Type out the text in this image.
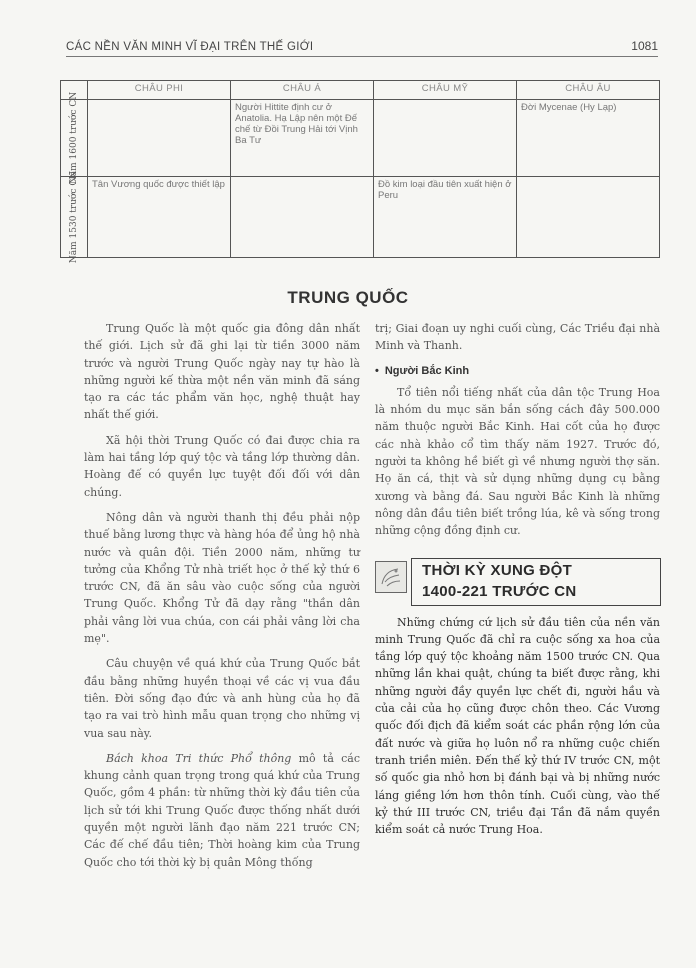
CÁC NỀN VĂN MINH VĨ ĐẠI TRÊN THẾ GIỚI	1081
	CHÂU PHI	CHÂU Á	CHÂU MỸ	CHÂU ÂU

Năm 1600 trước CN		Người Hittite định cư ở Anatolia. Hạ Lập nên một Đế chế từ Đồi Trung Hải tới Vịnh Ba Tư		Đời Mycenae (Hy Lạp)

Năm 1530 trước CN	Tân Vương quốc được thiết lập		Đồ kim loại đầu tiên xuất hiện ở Peru	
TRUNG QUỐC

Trung Quốc là một quốc gia đông dân nhất thế giới. Lịch sử đã ghi lại từ tiền 3000 năm trước và người Trung Quốc ngày nay tự hào là những người kế thừa một nền văn minh đã sáng tạo ra các tác phẩm văn học, nghệ thuật hay nhất thế giới.

Xã hội thời Trung Quốc có đai được chia ra làm hai tầng lớp quý tộc và tầng lớp thường dân. Hoàng đế có quyền lực tuyệt đối đối với dân chúng.

Nông dân và người thanh thị đều phải nộp thuế bằng lương thực và hàng hóa để ủng hộ nhà nước và quân đội. Tiền 2000 năm, những tư tưởng của Khổng Tử nhà triết học ở thế kỷ thứ 6 trước CN, đã ăn sâu vào cuộc sống của người Trung Quốc. Khổng Tử đã dạy rằng "thần dân phải vâng lời vua chúa, con cái phải vâng lời cha mẹ".

Câu chuyện về quá khứ của Trung Quốc bắt đầu bằng những huyền thoại về các vị vua đầu tiên. Đời sống đạo đức và anh hùng của họ đã tạo ra vai trò hình mẫu quan trọng cho những vị vua sau này.

Bách khoa Tri thức Phổ thông mô tả các khung cảnh quan trọng trong quá khứ của Trung Quốc, gồm 4 phần: từ những thời kỳ đầu tiên của lịch sử tới khi Trung Quốc được thống nhất dưới quyền một người lãnh đạo năm 221 trước CN; Các đế chế đầu tiên; Thời hoàng kim của Trung Quốc cho tới thời kỳ bị quân Mông thống

trị; Giai đoạn uy nghi cuối cùng, Các Triều đại nhà Minh và Thanh.

• Người Bắc Kinh

Tổ tiên nổi tiếng nhất của dân tộc Trung Hoa là nhóm du mục săn bắn sống cách đây 500.000 năm thuộc người Bắc Kinh. Hai cốt của họ được các nhà khảo cổ tìm thấy năm 1927. Trước đó, người ta không hề biết gì về nhưng người thợ săn. Họ ăn cá, thịt và sử dụng những dụng cụ bằng xương và bằng đá. Sau người Bắc Kinh là những nông dân đầu tiên biết trồng lúa, kê và sống trong những cộng đồng định cư.

THỜI KỲ XUNG ĐỘT
1400-221 TRƯỚC CN

Những chứng cứ lịch sử đầu tiên của nền văn minh Trung Quốc đã chỉ ra cuộc sống xa hoa của tầng lớp quý tộc khoảng năm 1500 trước CN. Qua những lần khai quật, chúng ta biết được rằng, khi những người đầy quyền lực chết đi, người hầu và của cải của họ cũng được chôn theo. Các Vương quốc đối địch đã kiểm soát các phần rộng lớn của đất nước và giữa họ luôn nổ ra những cuộc chiến tranh triền miên. Đến thế kỷ thứ IV trước CN, một số quốc gia nhỏ hơn bị đánh bại và bị những nước láng giềng lớn hơn thôn tính. Cuối cùng, vào thế kỷ thứ III trước CN, triều đại Tần đã nắm quyền kiểm soát cả nước Trung Hoa.
